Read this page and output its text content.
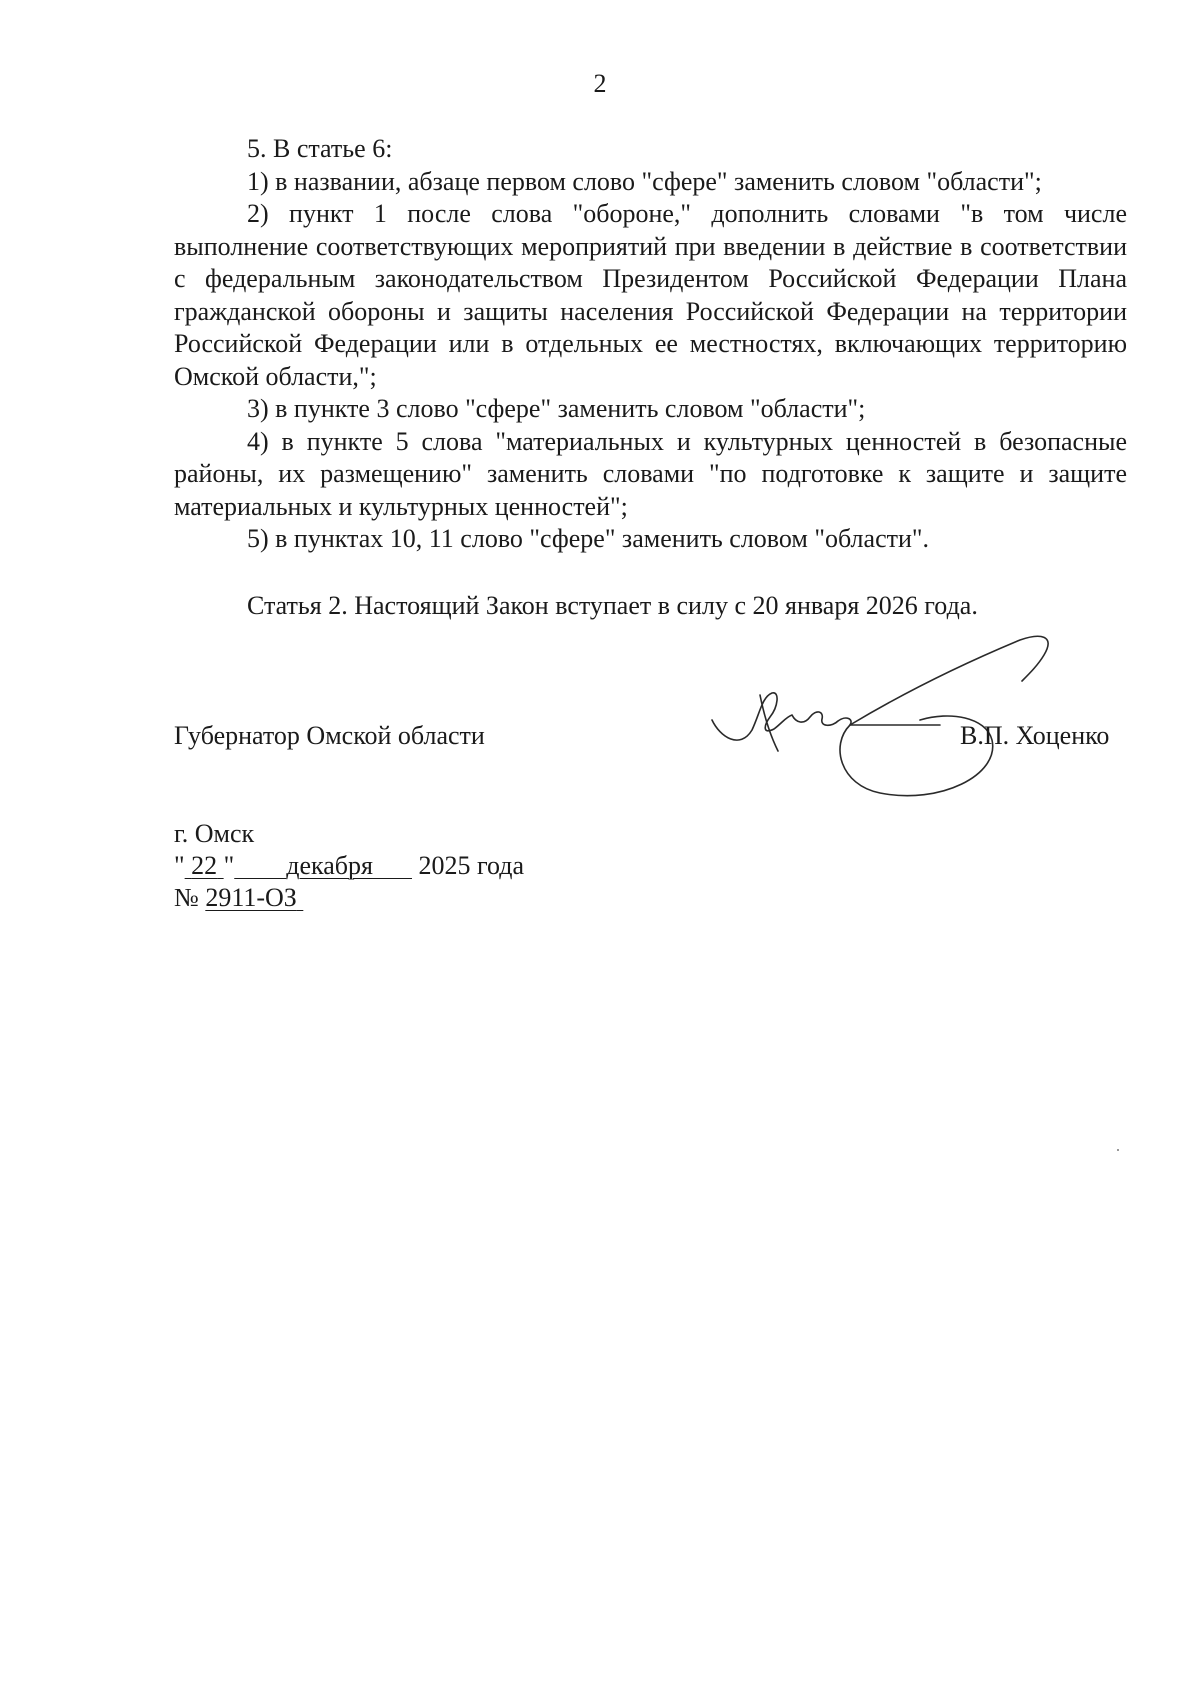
2

5. В статье 6:

1) в названии, абзаце первом слово "сфере" заменить словом "области";

2) пункт 1 после слова "обороне," дополнить словами "в том числе выполнение соответствующих мероприятий при введении в действие в соответствии с федеральным законодательством Президентом Российской Федерации Плана гражданской обороны и защиты населения Российской Федерации на территории Российской Федерации или в отдельных ее местностях, включающих территорию Омской области,";

3) в пункте 3 слово "сфере" заменить словом "области";

4) в пункте 5 слова "материальных и культурных ценностей в безопасные районы, их размещению" заменить словами "по подготовке к защите и защите материальных и культурных ценностей";

5) в пунктах 10, 11 слово "сфере" заменить словом "области".

Статья 2. Настоящий Закон вступает в силу с 20 января 2026 года.
Губернатор Омской области	В.П. Хоценко
г. Омск
" 22 " декабря 2025 года
№ 2911-ОЗ
